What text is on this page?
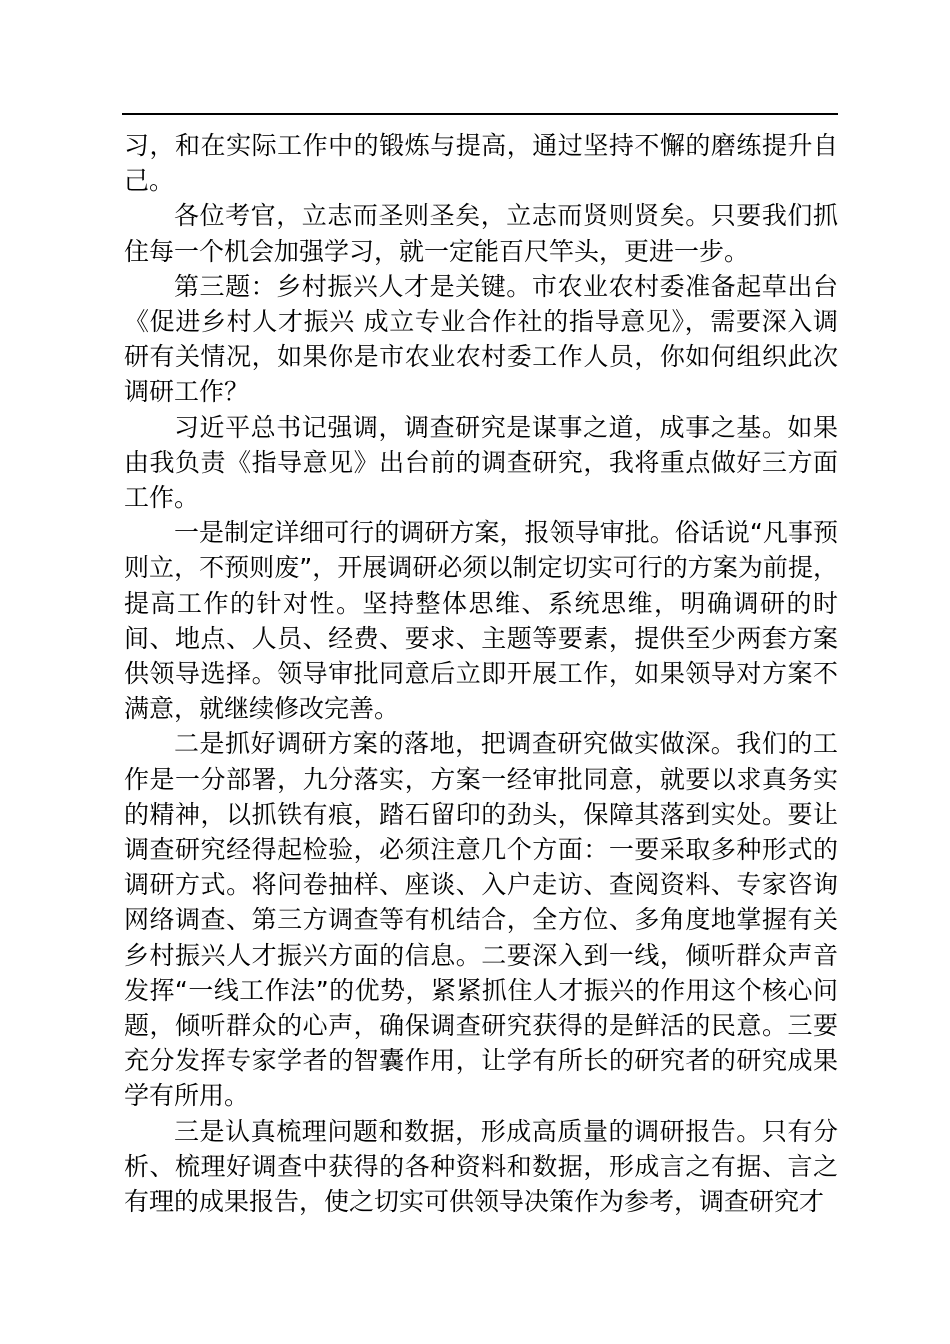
习，和在实际工作中的锻炼与提高，通过坚持不懈的磨练提升自己。

各位考官，立志而圣则圣矣，立志而贤则贤矣。只要我们抓住每一个机会加强学习，就一定能百尺竿头，更进一步。

第三题：乡村振兴人才是关键。市农业农村委准备起草出台《促进乡村人才振兴 成立专业合作社的指导意见》，需要深入调研有关情况，如果你是市农业农村委工作人员，你如何组织此次调研工作？

习近平总书记强调，调查研究是谋事之道，成事之基。如果由我负责《指导意见》出台前的调查研究，我将重点做好三方面工作。

一是制定详细可行的调研方案，报领导审批。俗话说“凡事预则立，不预则废”，开展调研必须以制定切实可行的方案为前提，提高工作的针对性。坚持整体思维、系统思维，明确调研的时间、地点、人员、经费、要求、主题等要素，提供至少两套方案供领导选择。领导审批同意后立即开展工作，如果领导对方案不满意，就继续修改完善。

二是抓好调研方案的落地，把调查研究做实做深。我们的工作是一分部署，九分落实，方案一经审批同意，就要以求真务实的精神，以抓铁有痕，踏石留印的劲头，保障其落到实处。要让调查研究经得起检验，必须注意几个方面：一要采取多种形式的调研方式。将问卷抽样、座谈、入户走访、查阅资料、专家咨询网络调查、第三方调查等有机结合，全方位、多角度地掌握有关乡村振兴人才振兴方面的信息。二要深入到一线，倾听群众声音发挥“一线工作法”的优势，紧紧抓住人才振兴的作用这个核心问题，倾听群众的心声，确保调查研究获得的是鲜活的民意。三要充分发挥专家学者的智囊作用，让学有所长的研究者的研究成果学有所用。

三是认真梳理问题和数据，形成高质量的调研报告。只有分析、梳理好调查中获得的各种资料和数据，形成言之有据、言之有理的成果报告，使之切实可供领导决策作为参考，调查研究才
